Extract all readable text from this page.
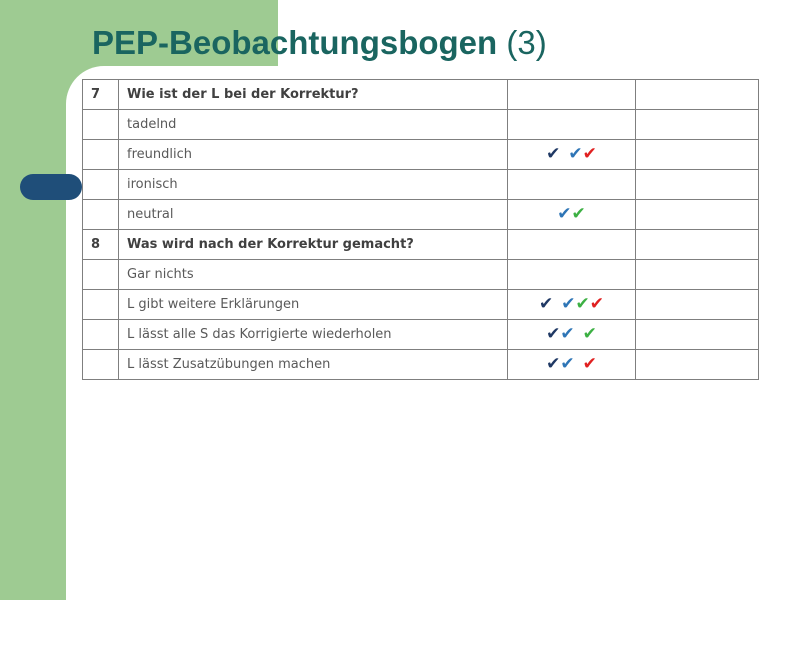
PEP-Beobachtungsbogen (3)
7	Wie ist der L bei der Korrektur?		
	tadelnd		
	freundlich	✔ ✔✔	
	ironisch		
	neutral	✔✔	
8	Was wird nach der Korrektur gemacht?		
	Gar nichts		
	L gibt weitere Erklärungen	✔ ✔✔✔	
	L lässt alle S das Korrigierte wiederholen	✔✔ ✔	
	L lässt Zusatzübungen machen	✔✔ ✔	
